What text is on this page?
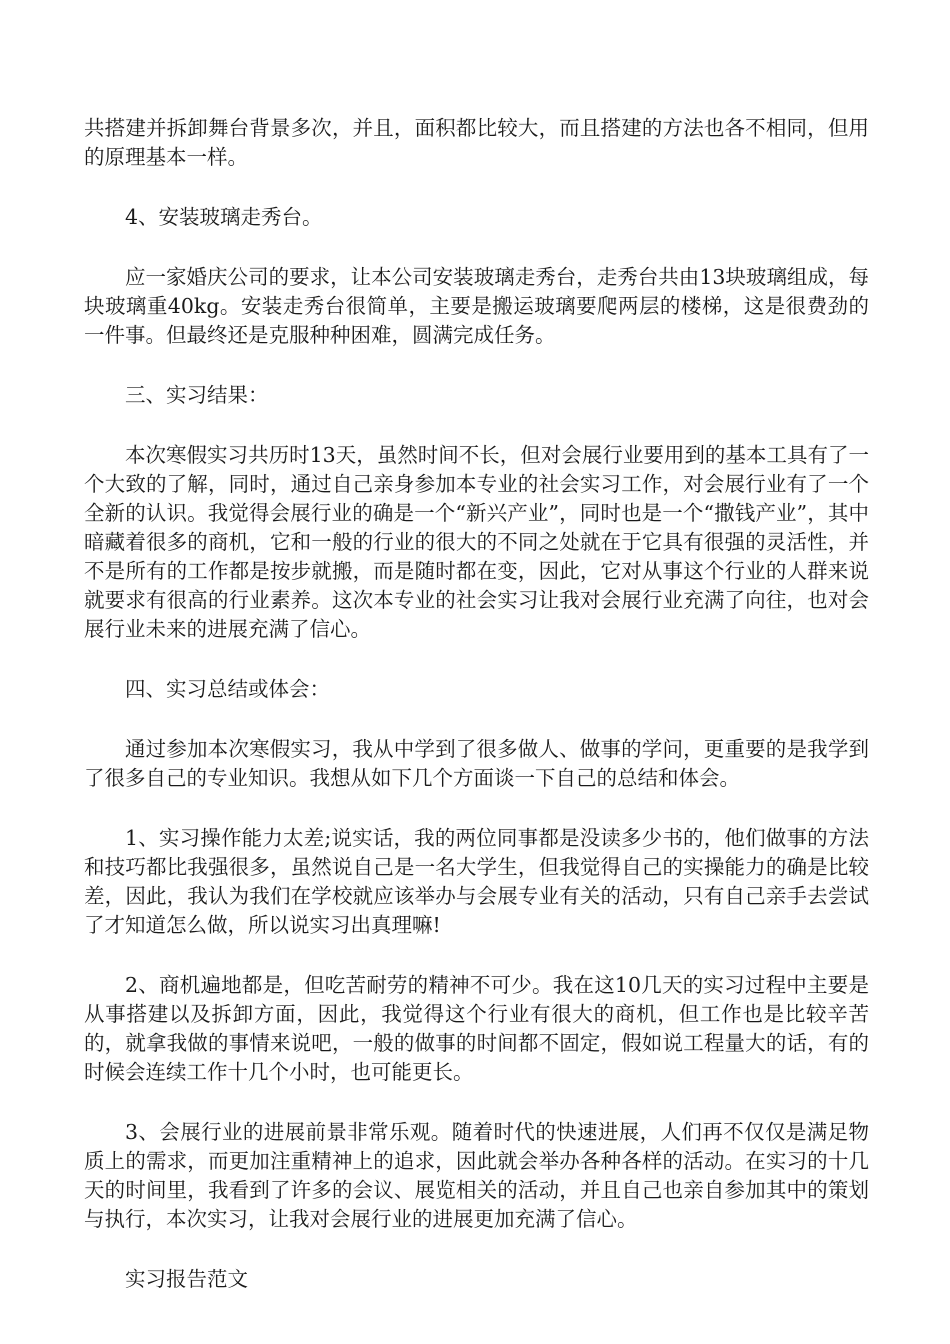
共搭建并拆卸舞台背景多次，并且，面积都比较大，而且搭建的方法也各不相同，但用的原理基本一样。

4、安装玻璃走秀台。

应一家婚庆公司的要求，让本公司安装玻璃走秀台，走秀台共由13块玻璃组成，每块玻璃重40kg。安装走秀台很简单，主要是搬运玻璃要爬两层的楼梯，这是很费劲的一件事。但最终还是克服种种困难，圆满完成任务。

三、实习结果：

本次寒假实习共历时13天，虽然时间不长，但对会展行业要用到的基本工具有了一个大致的了解，同时，通过自己亲身参加本专业的社会实习工作，对会展行业有了一个全新的认识。我觉得会展行业的确是一个“新兴产业”，同时也是一个“撒钱产业”，其中暗藏着很多的商机，它和一般的行业的很大的不同之处就在于它具有很强的灵活性，并不是所有的工作都是按步就搬，而是随时都在变，因此，它对从事这个行业的人群来说就要求有很高的行业素养。这次本专业的社会实习让我对会展行业充满了向往，也对会展行业未来的进展充满了信心。

四、实习总结或体会：

通过参加本次寒假实习，我从中学到了很多做人、做事的学问，更重要的是我学到了很多自己的专业知识。我想从如下几个方面谈一下自己的总结和体会。

1、实习操作能力太差;说实话，我的两位同事都是没读多少书的，他们做事的方法和技巧都比我强很多，虽然说自己是一名大学生，但我觉得自己的实操能力的确是比较差，因此，我认为我们在学校就应该举办与会展专业有关的活动，只有自己亲手去尝试了才知道怎么做，所以说实习出真理嘛!

2、商机遍地都是，但吃苦耐劳的精神不可少。我在这10几天的实习过程中主要是从事搭建以及拆卸方面，因此，我觉得这个行业有很大的商机，但工作也是比较辛苦的，就拿我做的事情来说吧，一般的做事的时间都不固定，假如说工程量大的话，有的时候会连续工作十几个小时，也可能更长。

3、会展行业的进展前景非常乐观。随着时代的快速进展，人们再不仅仅是满足物质上的需求，而更加注重精神上的追求，因此就会举办各种各样的活动。在实习的十几天的时间里，我看到了许多的会议、展览相关的活动，并且自己也亲自参加其中的策划与执行，本次实习，让我对会展行业的进展更加充满了信心。

实习报告范文
